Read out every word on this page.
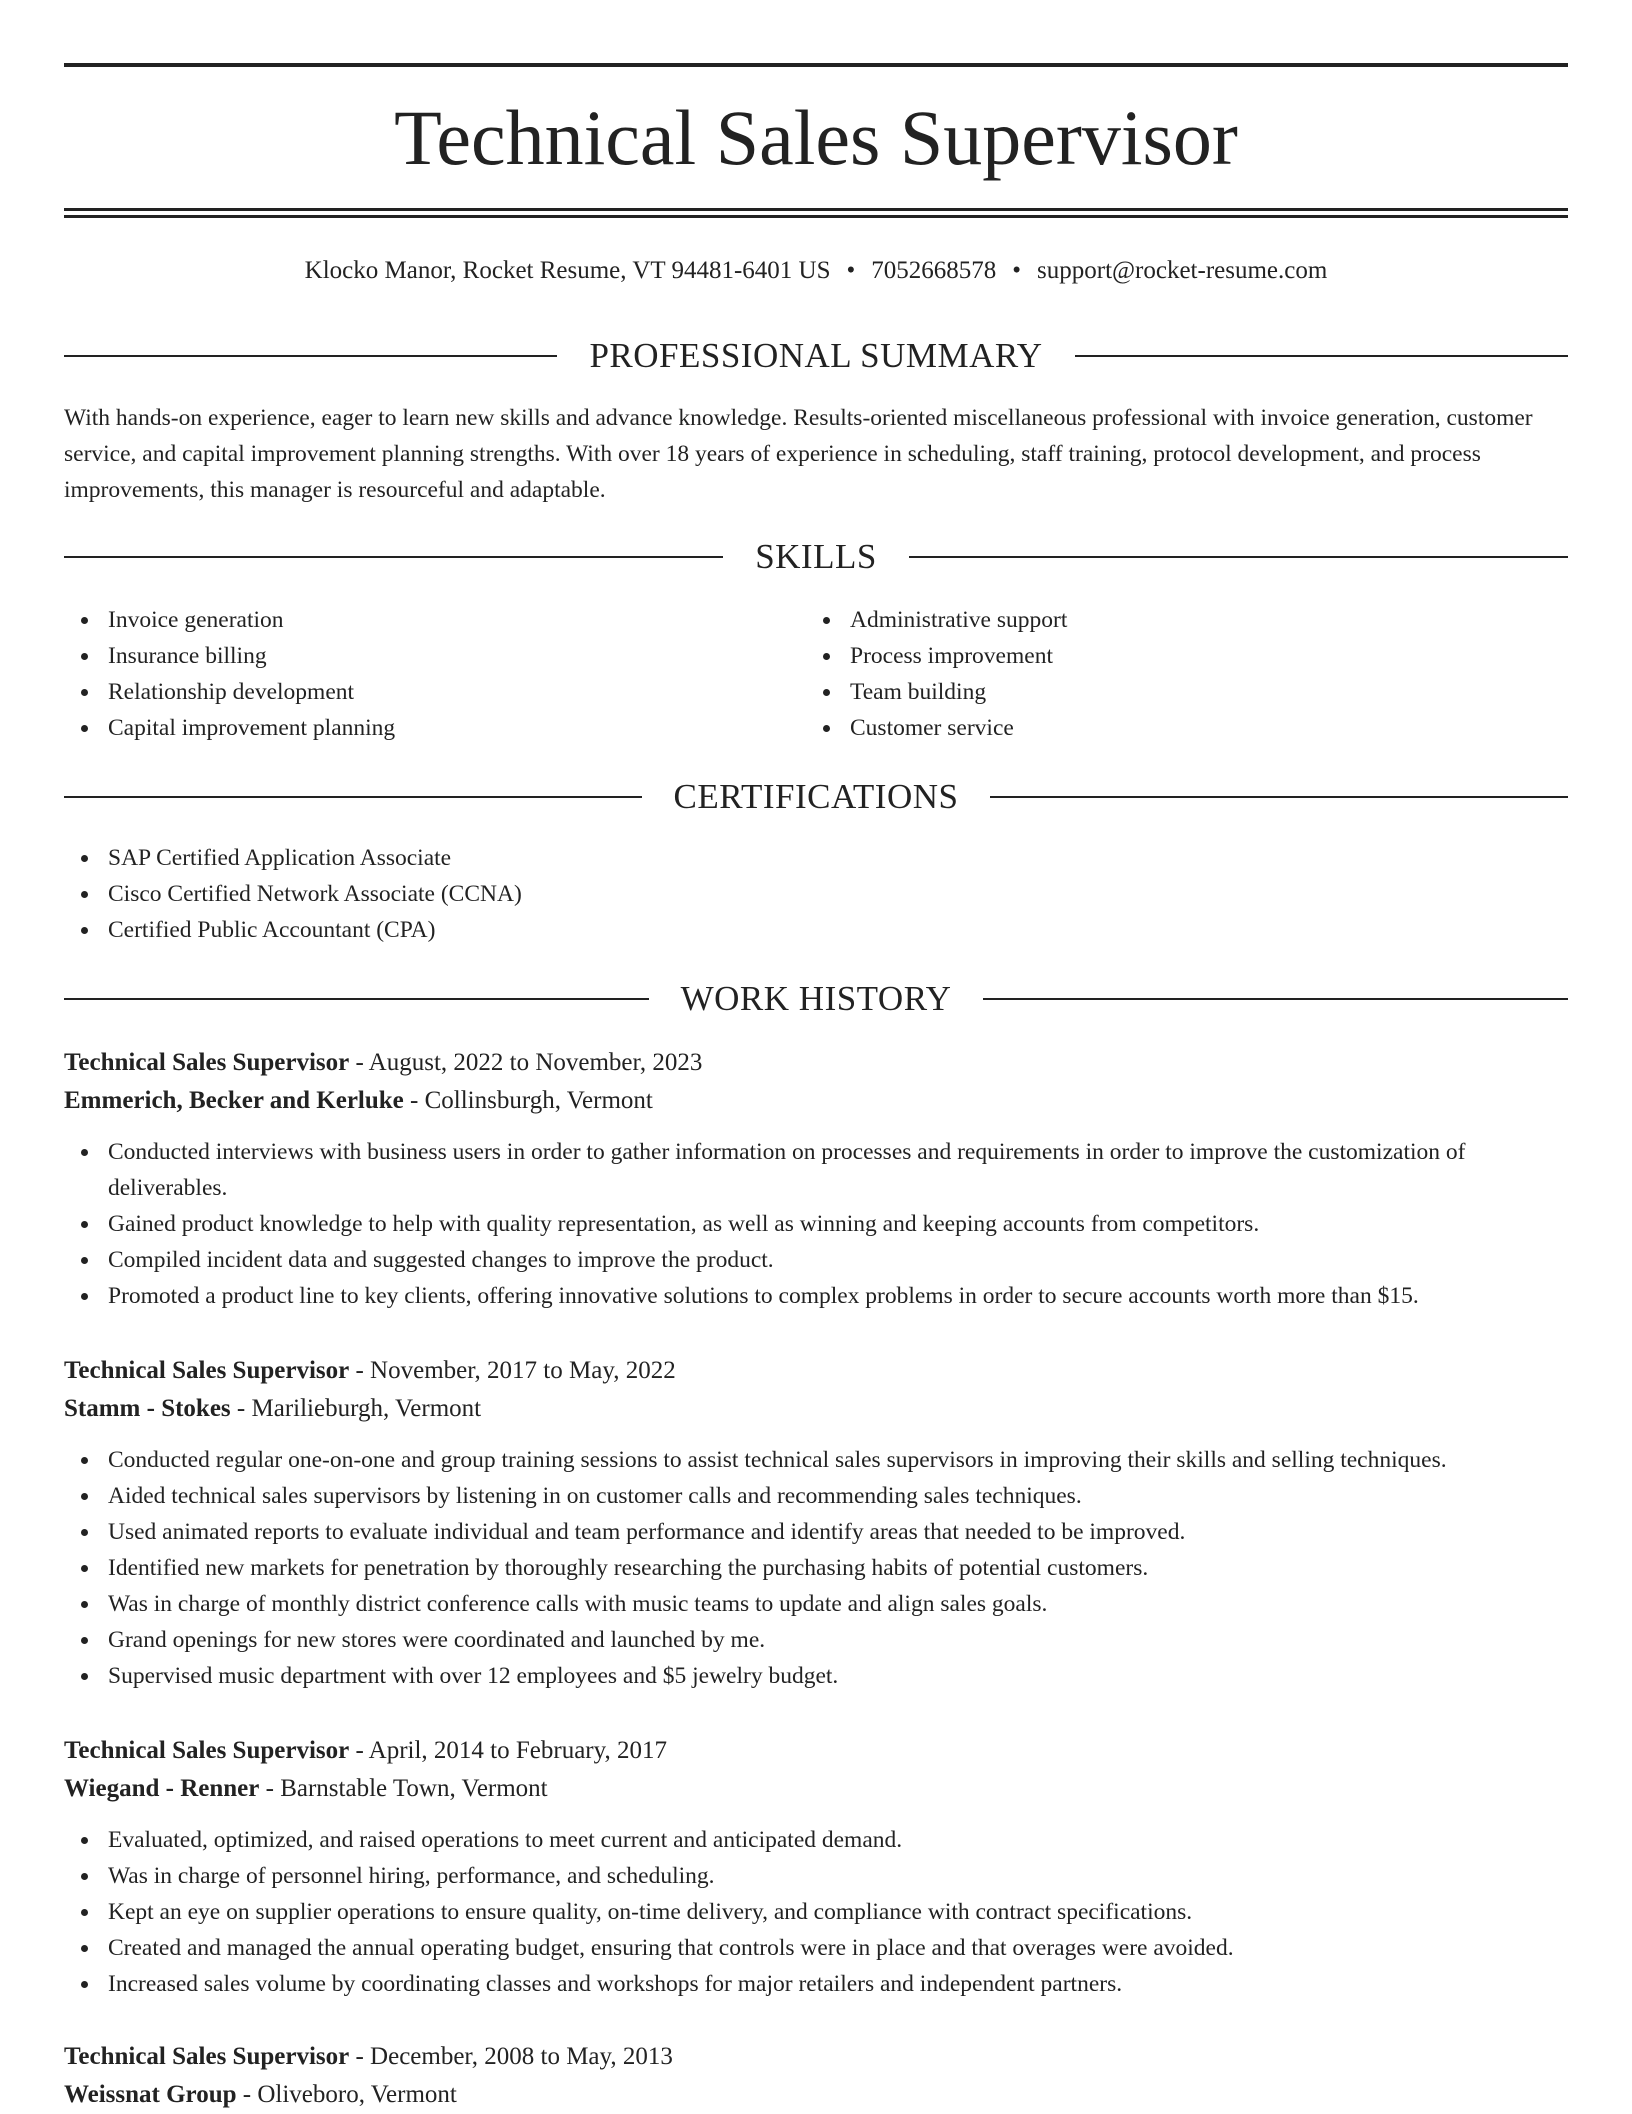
Technical Sales Supervisor
Klocko Manor, Rocket Resume, VT 94481-6401 US • 7052668578 • support@rocket-resume.com
PROFESSIONAL SUMMARY

With hands-on experience, eager to learn new skills and advance knowledge. Results-oriented miscellaneous professional with invoice generation, customer service, and capital improvement planning strengths. With over 18 years of experience in scheduling, staff training, protocol development, and process improvements, this manager is resourceful and adaptable.

SKILLS
Invoice generation
Insurance billing
Relationship development
Capital improvement planning
Administrative support
Process improvement
Team building
Customer service
CERTIFICATIONS
SAP Certified Application Associate
Cisco Certified Network Associate (CCNA)
Certified Public Accountant (CPA)
WORK HISTORY
Technical Sales Supervisor - August, 2022 to November, 2023
Emmerich, Becker and Kerluke - Collinsburgh, Vermont
Conducted interviews with business users in order to gather information on processes and requirements in order to improve the customization of deliverables.
Gained product knowledge to help with quality representation, as well as winning and keeping accounts from competitors.
Compiled incident data and suggested changes to improve the product.
Promoted a product line to key clients, offering innovative solutions to complex problems in order to secure accounts worth more than $15.
Technical Sales Supervisor - November, 2017 to May, 2022
Stamm - Stokes - Marilieburgh, Vermont
Conducted regular one-on-one and group training sessions to assist technical sales supervisors in improving their skills and selling techniques.
Aided technical sales supervisors by listening in on customer calls and recommending sales techniques.
Used animated reports to evaluate individual and team performance and identify areas that needed to be improved.
Identified new markets for penetration by thoroughly researching the purchasing habits of potential customers.
Was in charge of monthly district conference calls with music teams to update and align sales goals.
Grand openings for new stores were coordinated and launched by me.
Supervised music department with over 12 employees and $5 jewelry budget.
Technical Sales Supervisor - April, 2014 to February, 2017
Wiegand - Renner - Barnstable Town, Vermont
Evaluated, optimized, and raised operations to meet current and anticipated demand.
Was in charge of personnel hiring, performance, and scheduling.
Kept an eye on supplier operations to ensure quality, on-time delivery, and compliance with contract specifications.
Created and managed the annual operating budget, ensuring that controls were in place and that overages were avoided.
Increased sales volume by coordinating classes and workshops for major retailers and independent partners.
Technical Sales Supervisor - December, 2008 to May, 2013
Weissnat Group - Oliveboro, Vermont
